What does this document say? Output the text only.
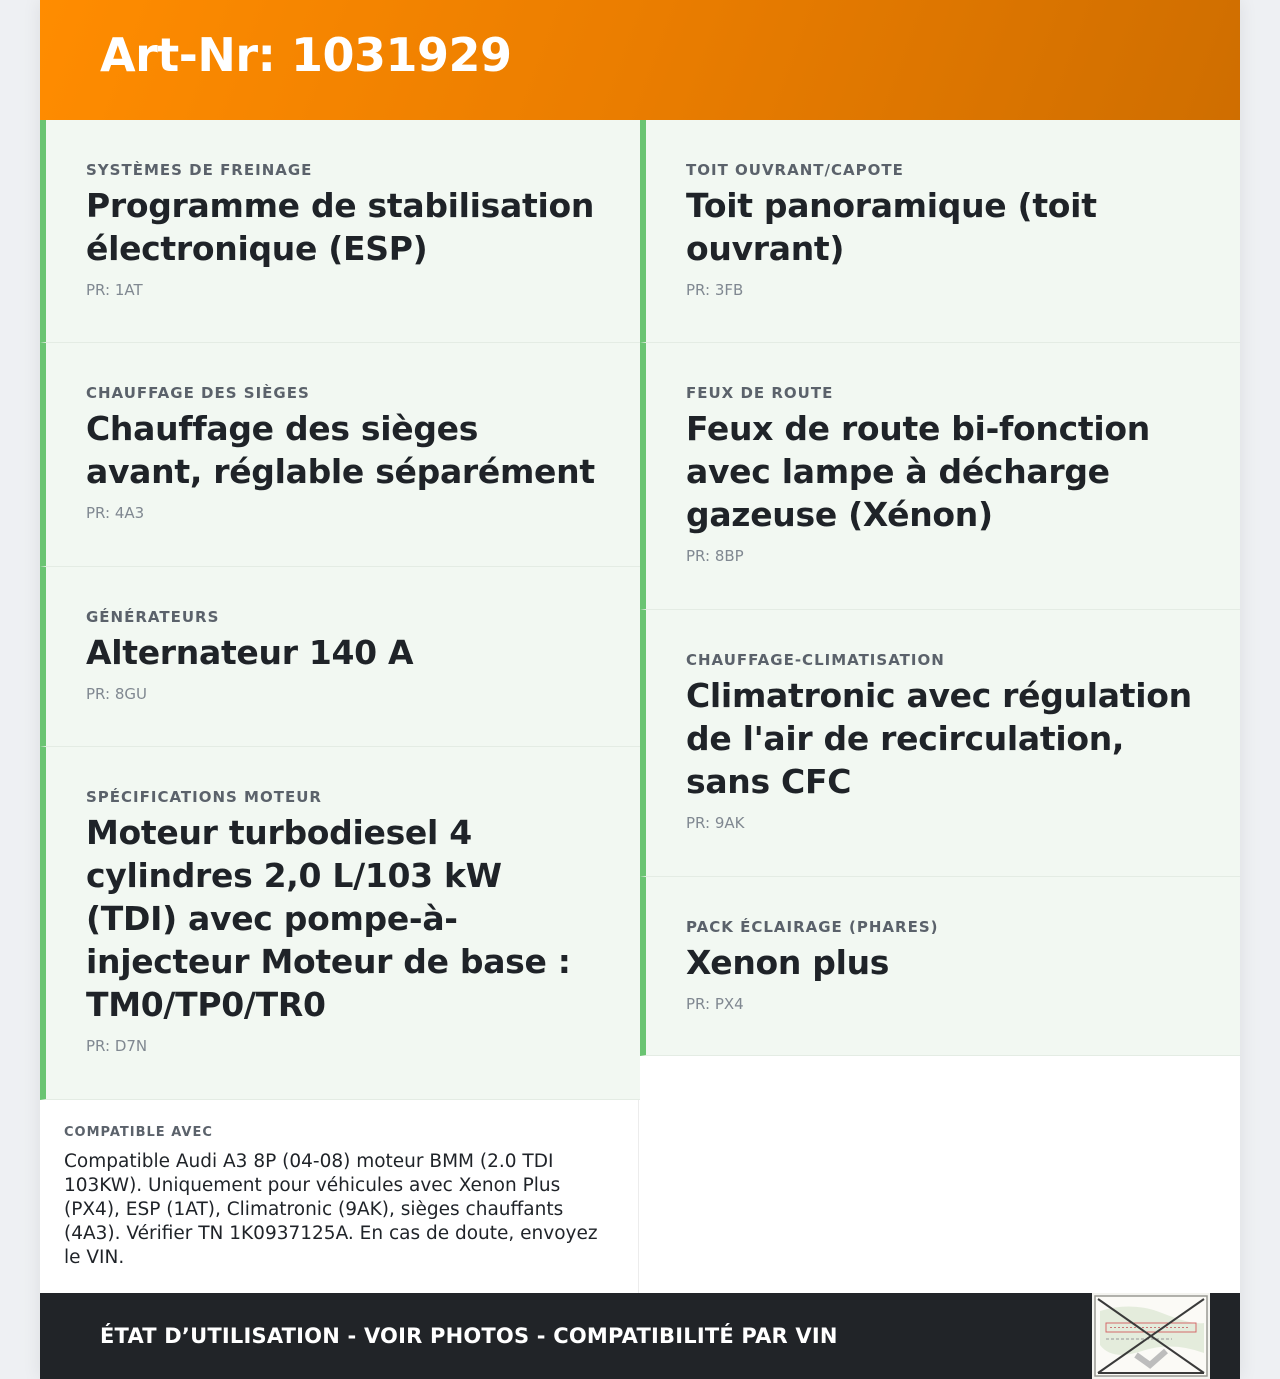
Art-Nr: 1031929
SYSTÈMES DE FREINAGE
Programme de stabilisation électronique (ESP)
PR: 1AT
CHAUFFAGE DES SIÈGES
Chauffage des sièges avant, réglable séparément
PR: 4A3
GÉNÉRATEURS
Alternateur 140 A
PR: 8GU
SPÉCIFICATIONS MOTEUR
Moteur turbodiesel 4 cylindres 2,0 L/103 kW (TDI) avec pompe-à-injecteur Moteur de base : TM0/TP0/TR0
PR: D7N
TOIT OUVRANT/CAPOTE
Toit panoramique (toit ouvrant)
PR: 3FB
FEUX DE ROUTE
Feux de route bi-fonction avec lampe à décharge gazeuse (Xénon)
PR: 8BP
CHAUFFAGE-CLIMATISATION
Climatronic avec régulation de l'air de recirculation, sans CFC
PR: 9AK
PACK ÉCLAIRAGE (PHARES)
Xenon plus
PR: PX4
COMPATIBLE AVEC
Compatible Audi A3 8P (04-08) moteur BMM (2.0 TDI 103KW). Uniquement pour véhicules avec Xenon Plus (PX4), ESP (1AT), Climatronic (9AK), sièges chauffants (4A3). Vérifier TN 1K0937125A. En cas de doute, envoyez le VIN.
ÉTAT D’UTILISATION - VOIR PHOTOS - COMPATIBILITÉ PAR VIN
